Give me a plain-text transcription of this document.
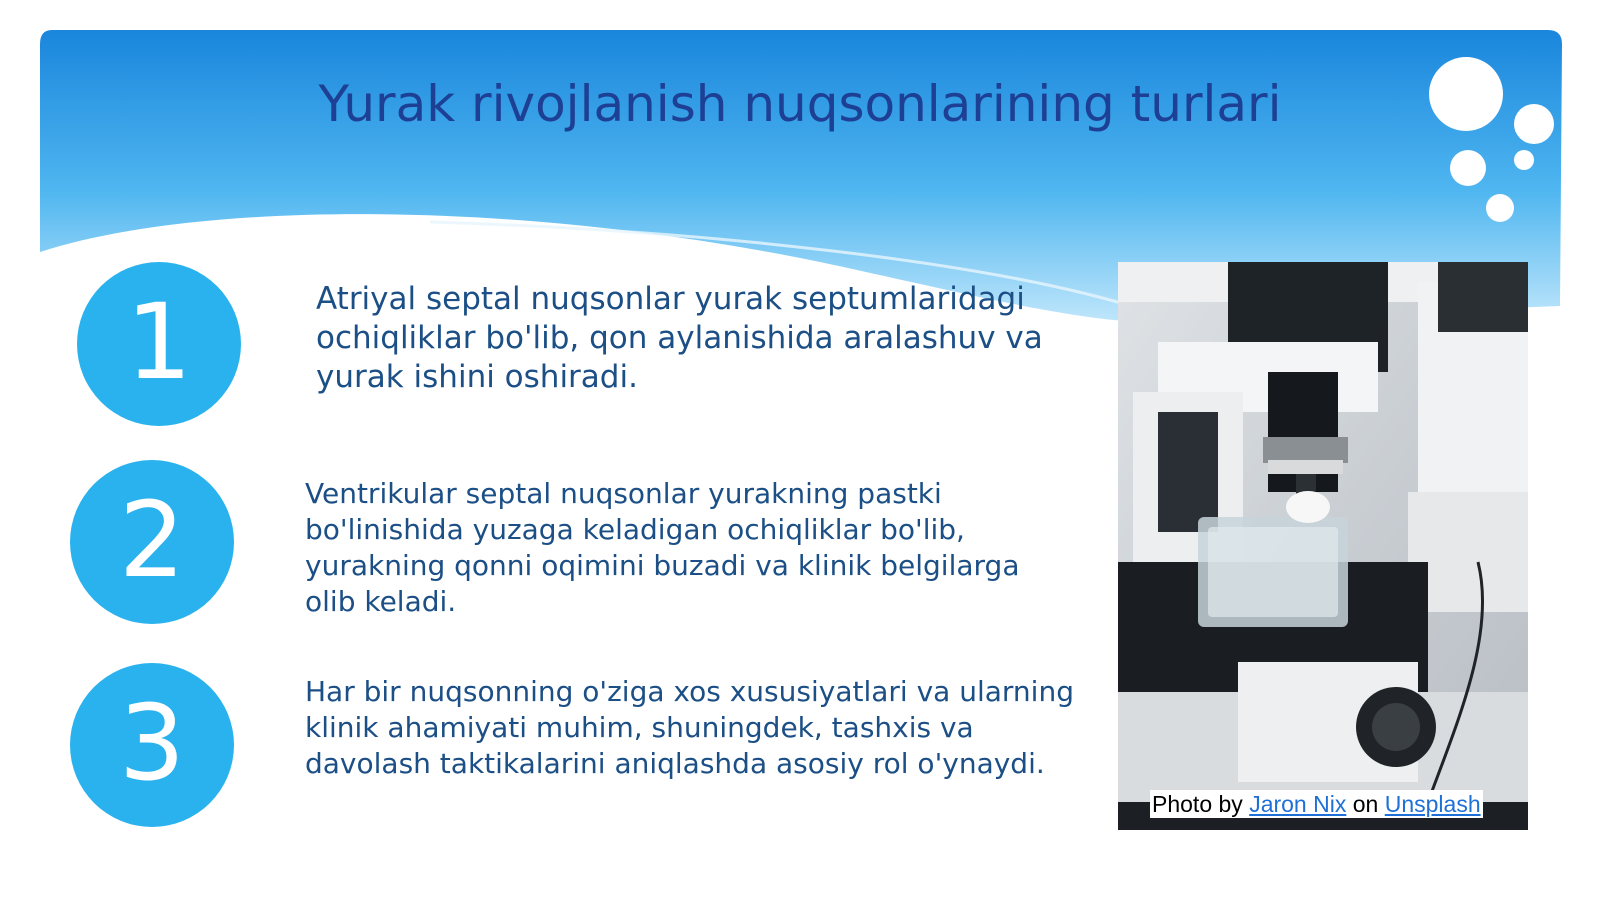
Yurak rivojlanish nuqsonlarining turlari
1	Atriyal septal nuqsonlar yurak septumlaridagi ochiqliklar bo'lib, qon aylanishida aralashuv va yurak ishini oshiradi.
2	Ventrikular septal nuqsonlar yurakning pastki bo'linishida yuzaga keladigan ochiqliklar bo'lib, yurakning qonni oqimini buzadi va klinik belgilarga olib keladi.
3	Har bir nuqsonning o'ziga xos xususiyatlari va ularning klinik ahamiyati muhim, shuningdek, tashxis va davolash taktikalarini aniqlashda asosiy rol o'ynaydi.
Photo by Jaron Nix on Unsplash
